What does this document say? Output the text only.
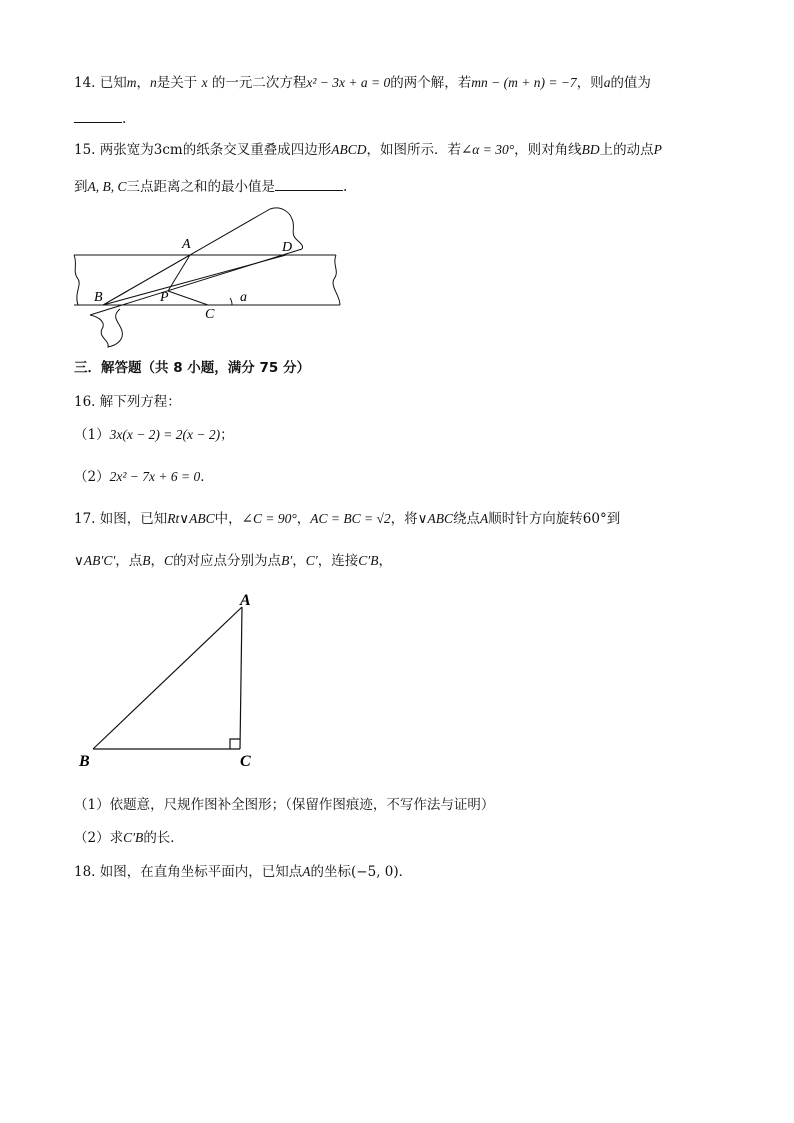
14. 已知m，n是关于 x 的一元二次方程x² − 3x + a = 0的两个解，若mn − (m + n) = −7，则a的值为
.
15. 两张宽为3cm的纸条交叉重叠成四边形ABCD，如图所示．若∠α = 30°，则对角线BD上的动点P
到A, B, C三点距离之和的最小值是	.
A	D
B	P
C
a
三．解答题（共 8 小题，满分 75 分）
16. 解下列方程：
（1）3x(x − 2) = 2(x − 2)；
（2）2x² − 7x + 6 = 0．
17. 如图，已知Rt∨ABC中，∠C = 90°，AC = BC = √2，将∨ABC绕点A顺时针方向旋转60°到
∨AB′C′，点B，C的对应点分别为点B′，C′，连接C′B，
A
B	C
（1）依题意，尺规作图补全图形；（保留作图痕迹，不写作法与证明）
（2）求C′B的长．
18. 如图，在直角坐标平面内，已知点A的坐标(−5, 0)．
